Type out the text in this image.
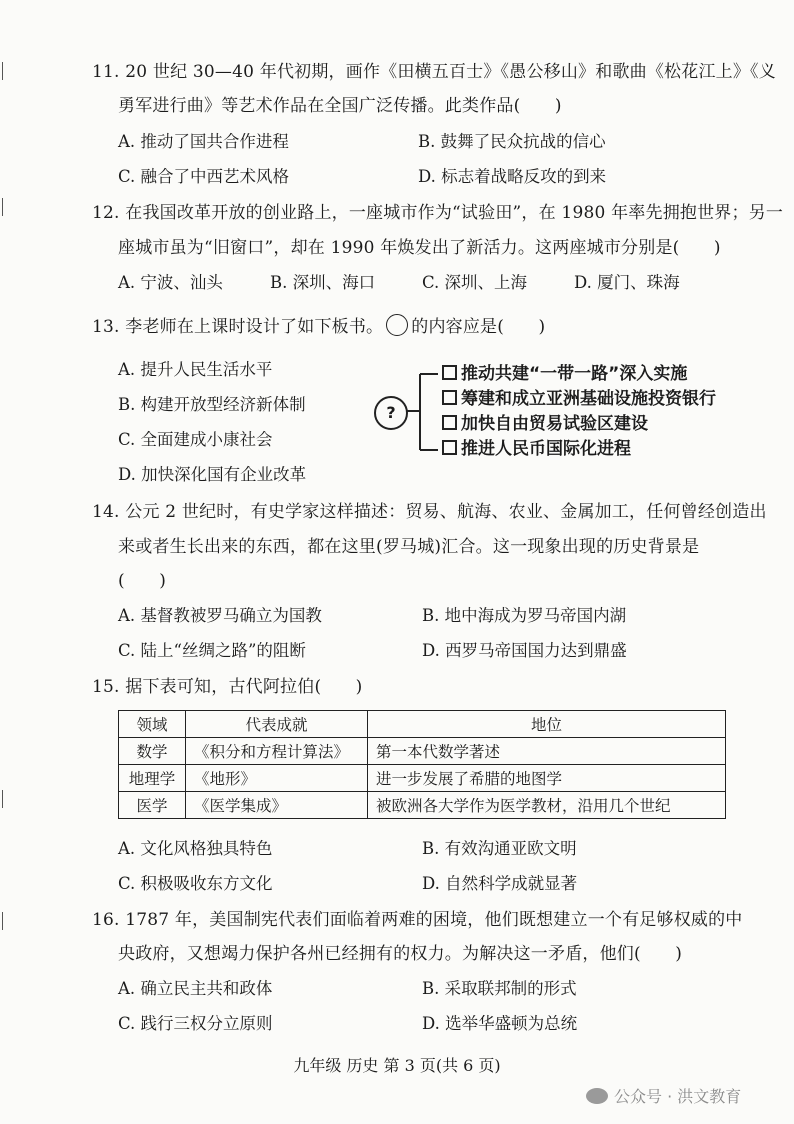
11. 20 世纪 30—40 年代初期，画作《田横五百士》《愚公移山》和歌曲《松花江上》《义
勇军进行曲》等艺术作品在全国广泛传播。此类作品(　　)
A. 推动了国共合作进程	B. 鼓舞了民众抗战的信心
C. 融合了中西艺术风格	D. 标志着战略反攻的到来
12. 在我国改革开放的创业路上，一座城市作为“试验田”，在 1980 年率先拥抱世界；另一
座城市虽为“旧窗口”，却在 1990 年焕发出了新活力。这两座城市分别是(　　)
A. 宁波、汕头	B. 深圳、海口	C. 深圳、上海	D. 厦门、珠海
13. 李老师在上课时设计了如下板书。 的内容应是(　　)
A. 提升人民生活水平
B. 构建开放型经济新体制
C. 全面建成小康社会
D. 加快深化国有企业改革
?
推动共建“一带一路”深入实施
筹建和成立亚洲基础设施投资银行
加快自由贸易试验区建设
推进人民币国际化进程
14. 公元 2 世纪时，有史学家这样描述：贸易、航海、农业、金属加工，任何曾经创造出
来或者生长出来的东西，都在这里(罗马城)汇合。这一现象出现的历史背景是
(　　)
A. 基督教被罗马确立为国教	B. 地中海成为罗马帝国内湖
C. 陆上“丝绸之路”的阻断	D. 西罗马帝国国力达到鼎盛
15. 据下表可知，古代阿拉伯(　　)
领域	代表成就	地位
数学	《积分和方程计算法》	第一本代数学著述
地理学	《地形》	进一步发展了希腊的地图学
医学	《医学集成》	被欧洲各大学作为医学教材，沿用几个世纪
A. 文化风格独具特色	B. 有效沟通亚欧文明
C. 积极吸收东方文化	D. 自然科学成就显著
16. 1787 年，美国制宪代表们面临着两难的困境，他们既想建立一个有足够权威的中
央政府，又想竭力保护各州已经拥有的权力。为解决这一矛盾，他们(　　)
A. 确立民主共和政体	B. 采取联邦制的形式
C. 践行三权分立原则	D. 选举华盛顿为总统
九年级 历史 第 3 页(共 6 页)
公众号 · 洪文教育
